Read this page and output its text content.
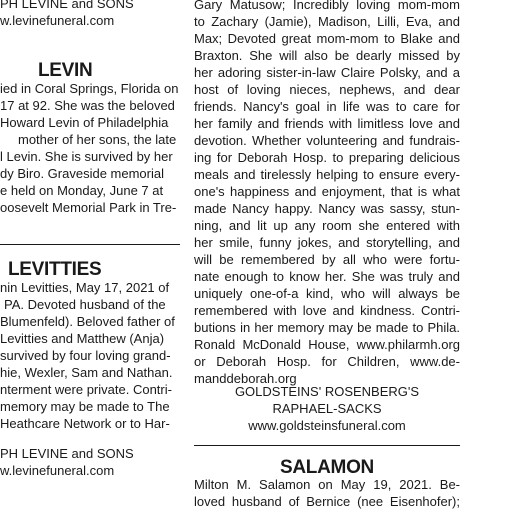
PH LEVINE and SONS
w.levinefuneral.com
LEVIN
ied in Coral Springs, Florida on
17 at 92. She was the beloved
Howard Levin of Philadelphia
mother of her sons, the late
l Levin. She is survived by her
dy Biro. Graveside memorial
e held on Monday, June 7 at
oosevelt Memorial Park in Tre-
LEVITTIES
nin Levitties, May 17, 2021 of
PA. Devoted husband of the
Blumenfeld). Beloved father of
Levitties and Matthew (Anja)
survived by four loving grand-
hie, Wexler, Sam and Nathan.
nterment were private. Contri-
memory may be made to The
Heathcare Network or to Har-
PH LEVINE and SONS
w.levinefuneral.com
Gary Matusow; Incredibly loving mom-mom
to Zachary (Jamie), Madison, Lilli, Eva, and
Max; Devoted great mom-mom to Blake and
Braxton. She will also be dearly missed by
her adoring sister-in-law Claire Polsky, and a
host of loving nieces, nephews, and dear
friends. Nancy's goal in life was to care for
her family and friends with limitless love and
devotion. Whether volunteering and fundrais-
ing for Deborah Hosp. to preparing delicious
meals and tirelessly helping to ensure every-
one's happiness and enjoyment, that is what
made Nancy happy. Nancy was sassy, stun-
ning, and lit up any room she entered with
her smile, funny jokes, and storytelling, and
will be remembered by all who were fortu-
nate enough to know her. She was truly and
uniquely one-of-a kind, who will always be
remembered with love and kindness. Contri-
butions in her memory may be made to Phila.
Ronald McDonald House, www.philarmh.org
or Deborah Hosp. for Children, www.de-
manddeborah.org
GOLDSTEINS' ROSENBERG'S
RAPHAEL-SACKS
www.goldsteinsfuneral.com
SALAMON
Milton M. Salamon on May 19, 2021. Be-
loved husband of Bernice (nee Eisenhofer);
